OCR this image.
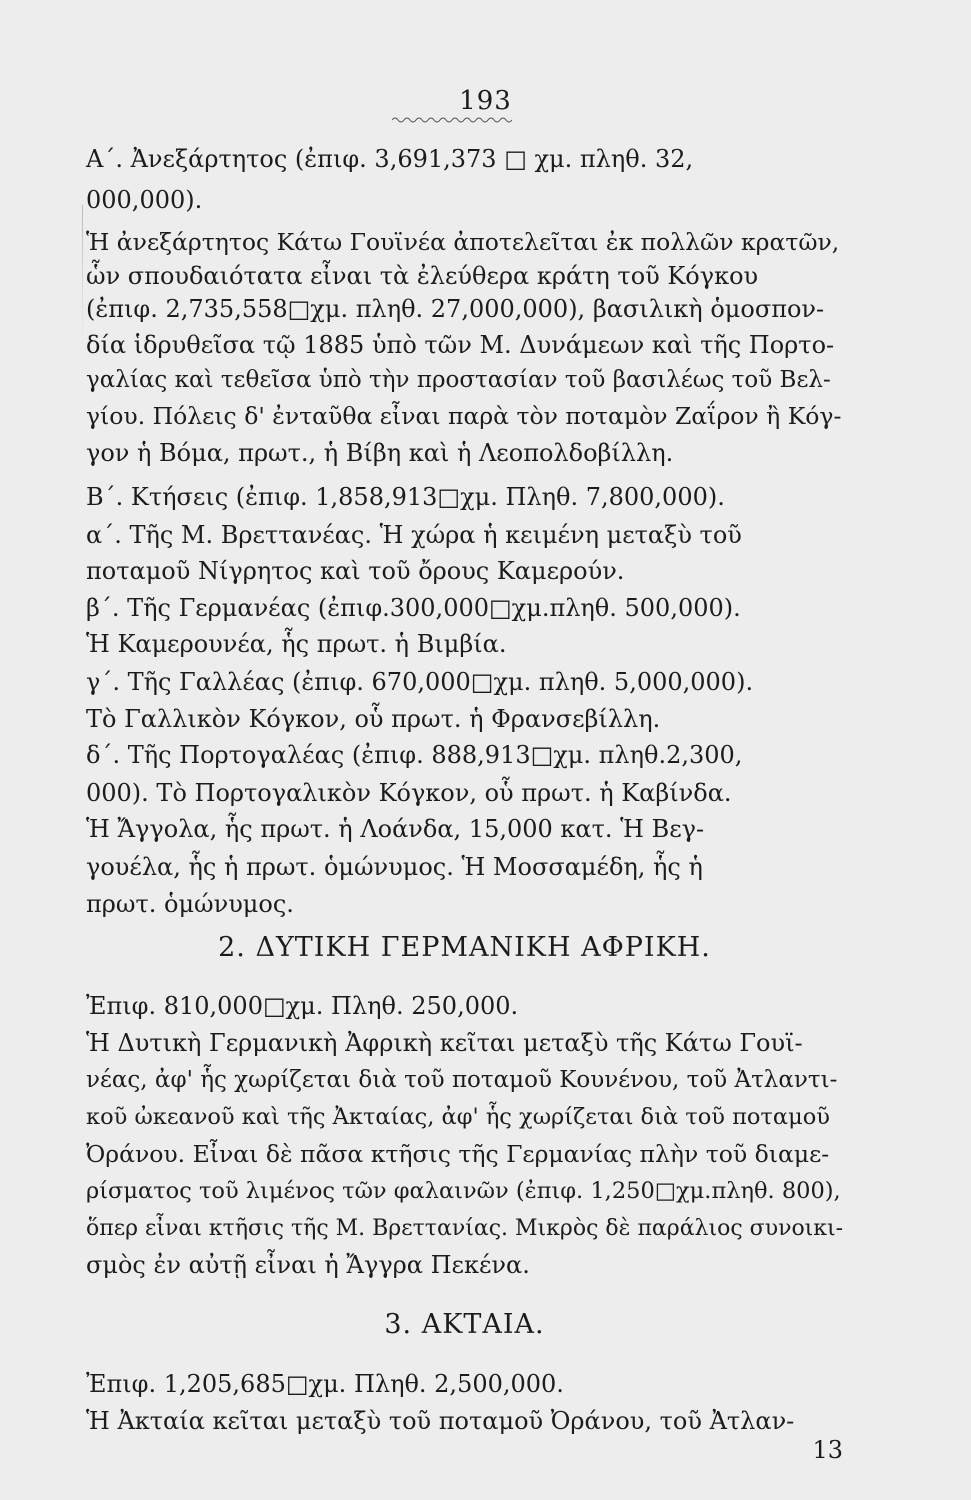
193
Α΄. Ἀνεξάρτητος (ἐπιφ. 3,691,373 □ χμ. πληθ. 32,
000,000).
Ἡ ἀνεξάρτητος Κάτω Γουϊνέα ἀποτελεῖται ἐκ πολλῶν κρατῶν,
ὧν σπουδαιότατα εἶναι τὰ ἐλεύθερα κράτη τοῦ Κόγκου
(ἐπιφ. 2,735,558□χμ. πληθ. 27,000,000), βασιλικὴ ὁμοσπον-
δία ἱδρυθεῖσα τῷ 1885 ὑπὸ τῶν Μ. Δυνάμεων καὶ τῆς Πορτο-
γαλίας καὶ τεθεῖσα ὑπὸ τὴν προστασίαν τοῦ βασιλέως τοῦ Βελ-
γίου. Πόλεις δ' ἐνταῦθα εἶναι παρὰ τὸν ποταμὸν Ζαΐρον ἢ Κόγ-
γον ἡ Βόμα, πρωτ., ἡ Βίβη καὶ ἡ Λεοπολδοβίλλη.
Β΄. Κτήσεις (ἐπιφ. 1,858,913□χμ. Πληθ. 7,800,000).
α΄. Τῆς Μ. Βρεττανέας. Ἡ χώρα ἡ κειμένη μεταξὺ τοῦ
ποταμοῦ Νίγρητος καὶ τοῦ ὄρους Καμερούν.
β΄. Τῆς Γερμανέας (ἐπιφ.300,000□χμ.πληθ. 500,000).
Ἡ Καμερουνέα, ἧς πρωτ. ἡ Βιμβία.
γ΄. Τῆς Γαλλέας (ἐπιφ. 670,000□χμ. πληθ. 5,000,000).
Τὸ Γαλλικὸν Κόγκον, οὗ πρωτ. ἡ Φρανσεβίλλη.
δ΄. Τῆς Πορτογαλέας (ἐπιφ. 888,913□χμ. πληθ.2,300,
000). Τὸ Πορτογαλικὸν Κόγκον, οὗ πρωτ. ἡ Καβίνδα.
Ἡ Ἄγγολα, ἧς πρωτ. ἡ Λοάνδα, 15,000 κατ. Ἡ Βεγ-
γουέλα, ἧς ἡ πρωτ. ὁμώνυμος. Ἡ Μοσσαμέδη, ἧς ἡ
πρωτ. ὁμώνυμος.
2. ΔΥΤΙΚΗ ΓΕΡΜΑΝΙΚΗ ΑΦΡΙΚΗ.
Ἐπιφ. 810,000□χμ. Πληθ. 250,000.
Ἡ Δυτικὴ Γερμανικὴ Ἀφρικὴ κεῖται μεταξὺ τῆς Κάτω Γουϊ-
νέας, ἀφ' ἧς χωρίζεται διὰ τοῦ ποταμοῦ Κουνένου, τοῦ Ἀτλαντι-
κοῦ ὠκεανοῦ καὶ τῆς Ἀκταίας, ἀφ' ἧς χωρίζεται διὰ τοῦ ποταμοῦ
Ὀράνου. Εἶναι δὲ πᾶσα κτῆσις τῆς Γερμανίας πλὴν τοῦ διαμε-
ρίσματος τοῦ λιμένος τῶν φαλαινῶν (ἐπιφ. 1,250□χμ.πληθ. 800),
ὅπερ εἶναι κτῆσις τῆς Μ. Βρεττανίας. Μικρὸς δὲ παράλιος συνοικι-
σμὸς ἐν αὐτῇ εἶναι ἡ Ἄγγρα Πεκένα.
3. ΑΚΤΑΙΑ.
Ἐπιφ. 1,205,685□χμ. Πληθ. 2,500,000.
Ἡ Ἀκταία κεῖται μεταξὺ τοῦ ποταμοῦ Ὀράνου, τοῦ Ἀτλαν-
13
